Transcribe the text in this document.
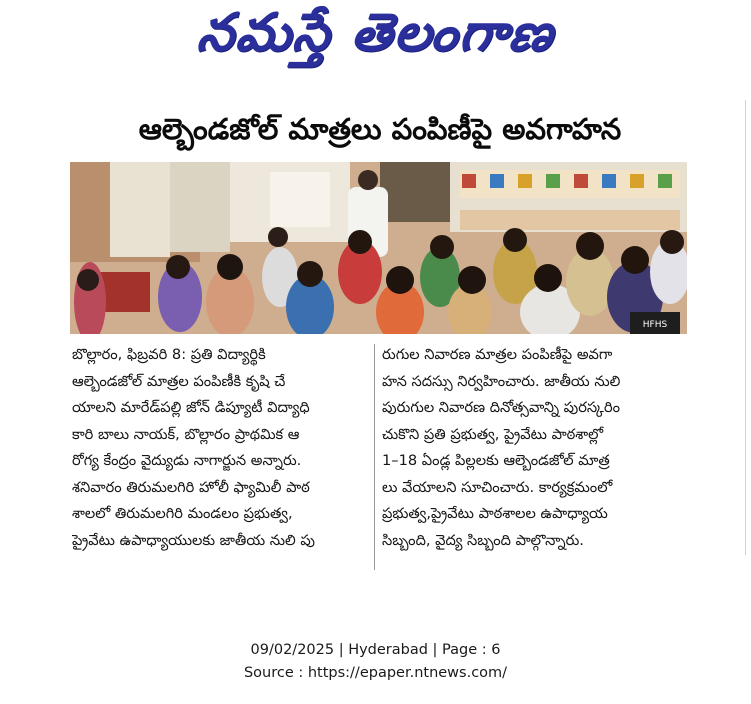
నమస్తే తెలంగాణ
ఆల్బెండజోల్ మాత్రలు పంపిణీపై అవగాహన
HFHS
బొల్లారం, ఫిబ్రవరి 8: ప్రతి విద్యార్థికి
ఆల్బెండజోల్ మాత్రల పంపిణీకి కృషి చే
యాలని మారేడ్‌పల్లి జోన్ డిప్యూటీ విద్యాధి
కారి బాలు నాయక్, బొల్లారం ప్రాథమిక ఆ
రోగ్య కేంద్రం వైద్యుడు నాగార్జున అన్నారు.
శనివారం తిరుమలగిరి హోలీ ఫ్యామిలీ పాఠ
శాలలో తిరుమలగిరి మండలం ప్రభుత్వ,
ప్రైవేటు ఉపాధ్యాయులకు జాతీయ నులి పు
రుగుల నివారణ మాత్రల పంపిణీపై అవగా
హన సదస్సు నిర్వహించారు. జాతీయ నులి
పురుగుల నివారణ దినోత్సవాన్ని పురస్కరిం
చుకొని ప్రతి ప్రభుత్వ, ప్రైవేటు పాఠశాల్లో
1–18 ఏండ్ల పిల్లలకు ఆల్బెండజోల్ మాత్ర
లు వేయాలని సూచించారు. కార్యక్రమంలో
ప్రభుత్వ,ప్రైవేటు పాఠశాలల ఉపాధ్యాయ
సిబ్బంది, వైద్య సిబ్బంది పాల్గొన్నారు.
09/02/2025 | Hyderabad | Page : 6
Source : https://epaper.ntnews.com/
